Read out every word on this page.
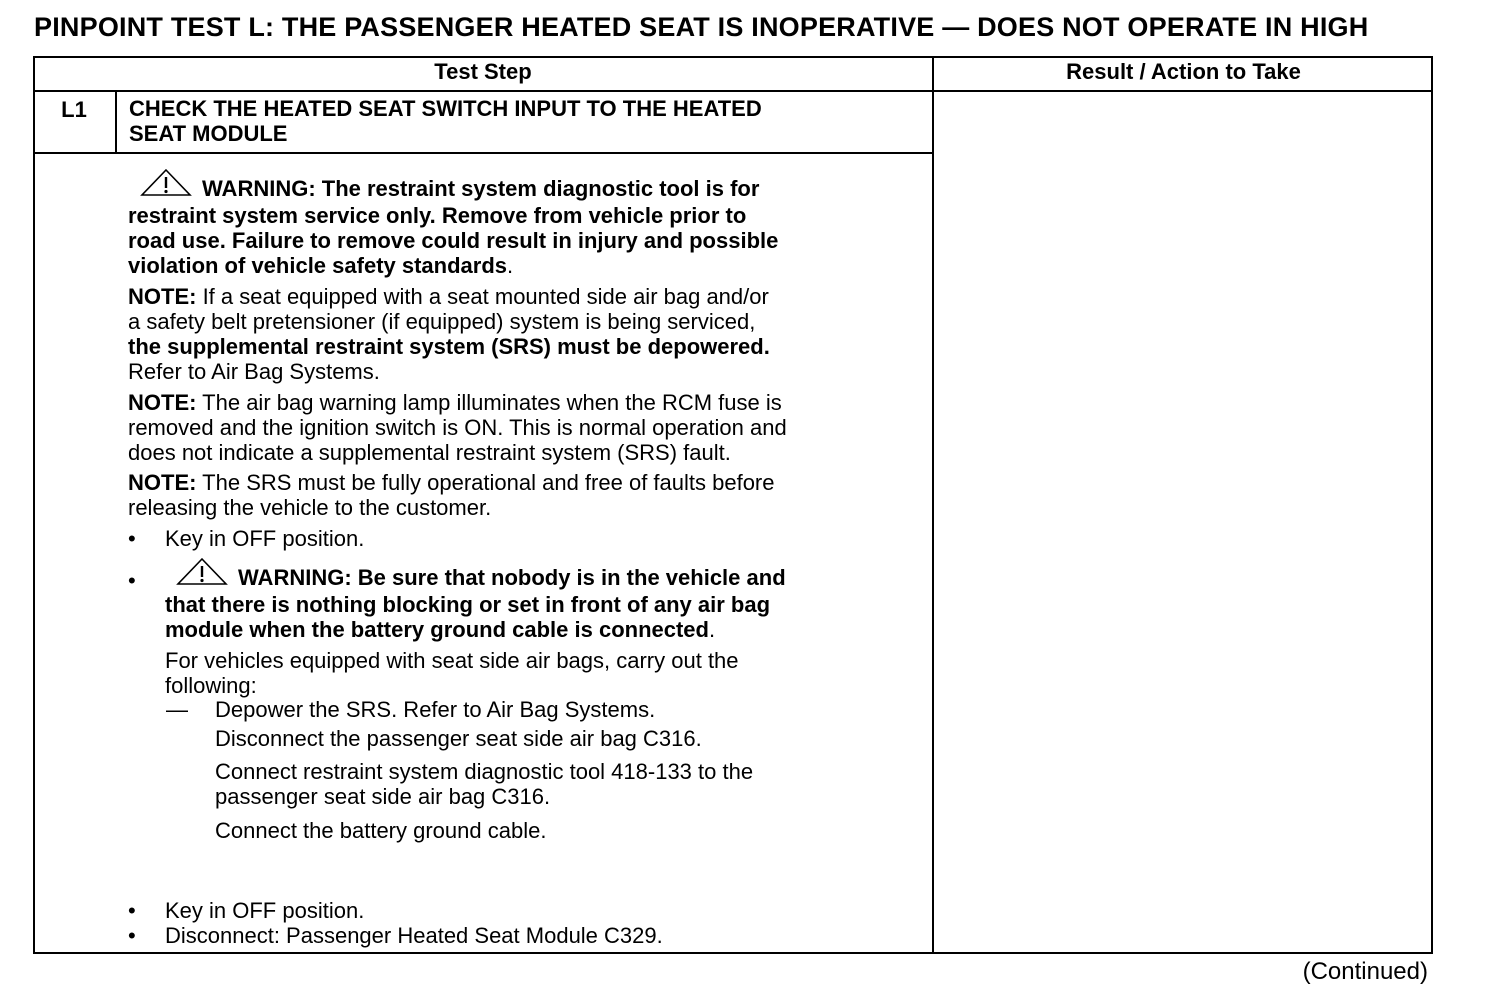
PINPOINT TEST L: THE PASSENGER HEATED SEAT IS INOPERATIVE — DOES NOT OPERATE IN HIGH
Test Step	Result / Action to Take
L1	CHECK THE HEATED SEAT SWITCH INPUT TO THE HEATED
SEAT MODULE
WARNING: The restraint system diagnostic tool is for
restraint system service only. Remove from vehicle prior to
road use. Failure to remove could result in injury and possible
violation of vehicle safety standards.
NOTE: If a seat equipped with a seat mounted side air bag and/or
a safety belt pretensioner (if equipped) system is being serviced,
the supplemental restraint system (SRS) must be depowered.
Refer to Air Bag Systems.
NOTE: The air bag warning lamp illuminates when the RCM fuse is
removed and the ignition switch is ON. This is normal operation and
does not indicate a supplemental restraint system (SRS) fault.
NOTE: The SRS must be fully operational and free of faults before
releasing the vehicle to the customer.
• Key in OFF position.
•	WARNING: Be sure that nobody is in the vehicle and
that there is nothing blocking or set in front of any air bag
module when the battery ground cable is connected.
For vehicles equipped with seat side air bags, carry out the
following:
— Depower the SRS. Refer to Air Bag Systems.
Disconnect the passenger seat side air bag C316.
Connect restraint system diagnostic tool 418-133 to the
passenger seat side air bag C316.
Connect the battery ground cable.
• Key in OFF position.
• Disconnect: Passenger Heated Seat Module C329.
(Continued)
